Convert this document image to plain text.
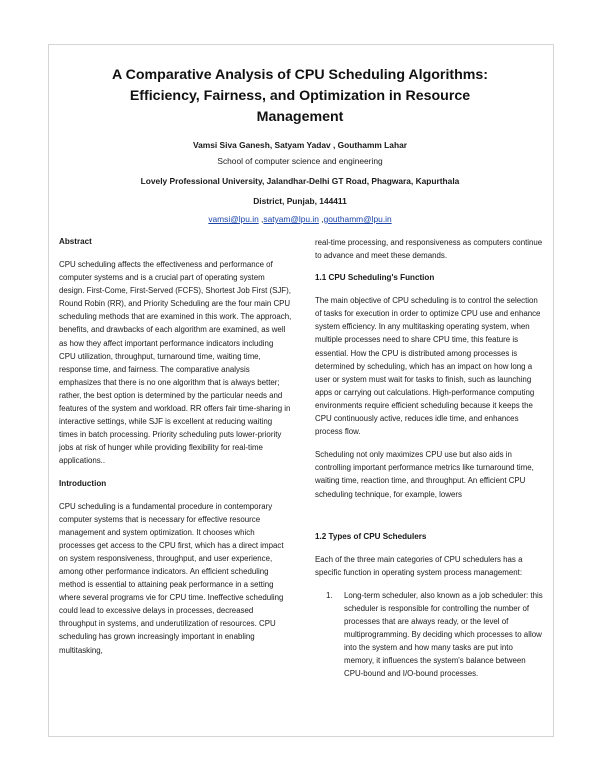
A Comparative Analysis of CPU Scheduling Algorithms:
Efficiency, Fairness, and Optimization in Resource
Management
Vamsi Siva Ganesh, Satyam Yadav , Gouthamm Lahar
School of computer science and engineering
Lovely Professional University, Jalandhar-Delhi GT Road, Phagwara, Kapurthala
District, Punjab, 144411
vamsi@lpu.in ,satyam@lpu.in ,gouthamm@lpu.in
Abstract

CPU scheduling affects the effectiveness and performance of computer systems and is a crucial part of operating system design. First-Come, First-Served (FCFS), Shortest Job First (SJF), Round Robin (RR), and Priority Scheduling are the four main CPU scheduling methods that are examined in this work. The approach, benefits, and drawbacks of each algorithm are examined, as well as how they affect important performance indicators including CPU utilization, throughput, turnaround time, waiting time, response time, and fairness. The comparative analysis emphasizes that there is no one algorithm that is always better; rather, the best option is determined by the particular needs and features of the system and workload. RR offers fair time-sharing in interactive settings, while SJF is excellent at reducing waiting times in batch processing. Priority scheduling puts lower-priority jobs at risk of hunger while providing flexibility for real-time applications..

Introduction

CPU scheduling is a fundamental procedure in contemporary computer systems that is necessary for effective resource management and system optimization. It chooses which processes get access to the CPU first, which has a direct impact on system responsiveness, throughput, and user experience, among other performance indicators. An efficient scheduling method is essential to attaining peak performance in a setting where several programs vie for CPU time. Ineffective scheduling could lead to excessive delays in processes, decreased throughput in systems, and underutilization of resources. CPU scheduling has grown increasingly important in enabling multitasking,

real-time processing, and responsiveness as computers continue to advance and meet these demands.

1.1 CPU Scheduling's Function

The main objective of CPU scheduling is to control the selection of tasks for execution in order to optimize CPU use and enhance system efficiency. In any multitasking operating system, when multiple processes need to share CPU time, this feature is essential. How the CPU is distributed among processes is determined by scheduling, which has an impact on how long a user or system must wait for tasks to finish, such as launching apps or carrying out calculations. High-performance computing environments require efficient scheduling because it keeps the CPU continuously active, reduces idle time, and enhances process flow.

Scheduling not only maximizes CPU use but also aids in controlling important performance metrics like turnaround time, waiting time, reaction time, and throughput. An efficient CPU scheduling technique, for example, lowers

1.2 Types of CPU Schedulers

Each of the three main categories of CPU schedulers has a specific function in operating system process management:

1. Long-term scheduler, also known as a job scheduler: this scheduler is responsible for controlling the number of processes that are always ready, or the level of multiprogramming. By deciding which processes to allow into the system and how many tasks are put into memory, it influences the system's balance between CPU-bound and I/O-bound processes.
